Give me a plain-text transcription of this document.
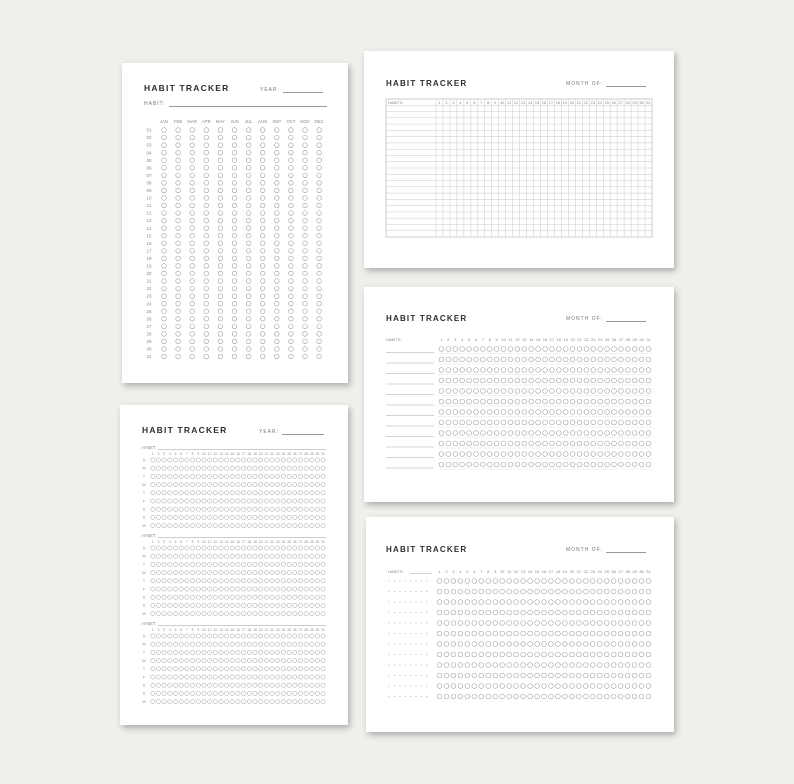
HABIT TRACKER	YEAR:
HABIT:
JAN FEB MAR APR MAY JUN JUL AUG SEP OCT NOV DEC
01
02
03
04
05
06
07
08
09
10
11
12
13
14
15
16
17
18
19
20
21
22
23
24
25
26
27
28
29
30
31
HABIT TRACKER	MONTH OF:
HABITS:	1 2 3 4 5 6 7 8 9 10 11 12 13 14 15 16 17 18 19 20 21 22 23 24 25 26 27 28 29 30 31
HABIT TRACKER	MONTH OF:
HABITS:	1 2 3 4 5 6 7 8 9 10 11 12 13 14 15 16 17 18 19 20 21 22 23 24 25 26 27 28 29 30 31
HABIT TRACKER	YEAR:
HABIT:
1 2 3 4 5 6 7 8 9 10 11 12 13 14 15 16 17 18 19 20 21 22 23 24 25 26 27 28 29 30 31
S
M
T
W
T
F
S
S
M
HABIT:
1 2 3 4 5 6 7 8 9 10 11 12 13 14 15 16 17 18 19 20 21 22 23 24 25 26 27 28 29 30 31
S
M
T
W
T
F
S
S
M
HABIT:
1 2 3 4 5 6 7 8 9 10 11 12 13 14 15 16 17 18 19 20 21 22 23 24 25 26 27 28 29 30 31
S
M
T
W
T
F
S
S
M
HABIT TRACKER	MONTH OF:
HABITS:	1 2 3 4 5 6 7 8 9 10 11 12 13 14 15 16 17 18 19 20 21 22 23 24 25 26 27 28 29 30 31
